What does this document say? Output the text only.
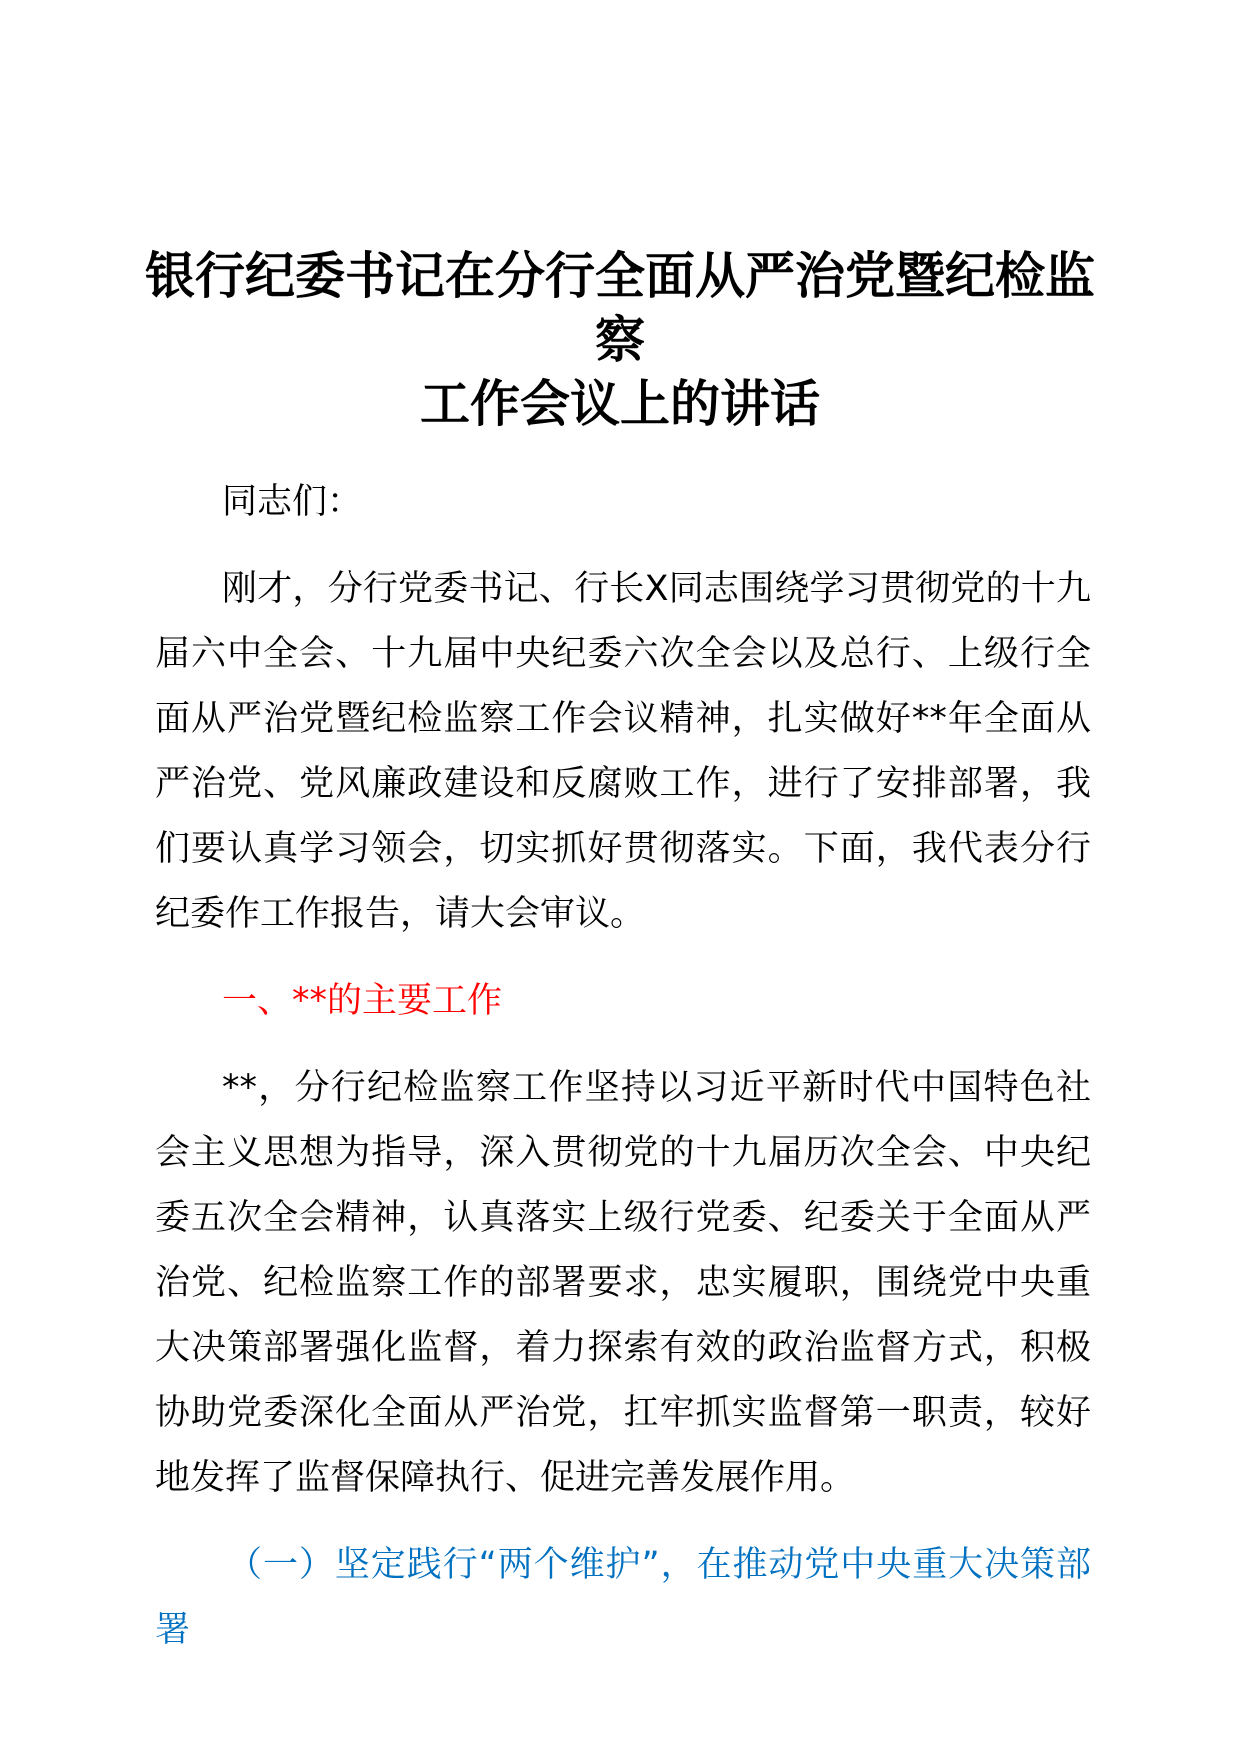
银行纪委书记在分行全面从严治党暨纪检监察
工作会议上的讲话
同志们：
刚才，分行党委书记、行长X同志围绕学习贯彻党的十九届六中全会、十九届中央纪委六次全会以及总行、上级行全面从严治党暨纪检监察工作会议精神，扎实做好**年全面从严治党、党风廉政建设和反腐败工作，进行了安排部署，我们要认真学习领会，切实抓好贯彻落实。下面，我代表分行纪委作工作报告，请大会审议。
一、**的主要工作
**，分行纪检监察工作坚持以习近平新时代中国特色社会主义思想为指导，深入贯彻党的十九届历次全会、中央纪委五次全会精神，认真落实上级行党委、纪委关于全面从严治党、纪检监察工作的部署要求，忠实履职，围绕党中央重大决策部署强化监督，着力探索有效的政治监督方式，积极协助党委深化全面从严治党，扛牢抓实监督第一职责，较好地发挥了监督保障执行、促进完善发展作用。
（一）坚定践行“两个维护”，在推动党中央重大决策部署
